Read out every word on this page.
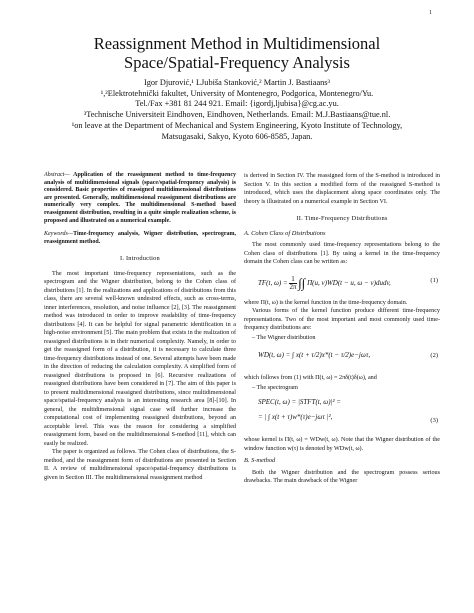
1
Reassignment Method in Multidimensional
Space/Spatial-Frequency Analysis
Igor Djurović,¹ LJubiša Stanković,² Martin J. Bastiaans³
¹,²Elektrotehnički fakultet, University of Montenegro, Podgorica, Montenegro/Yu.
Tel./Fax +381 81 244 921. Email: {igordj,ljubisa}@cg.ac.yu.
³Technische Universiteit Eindhoven, Eindhoven, Netherlands. Email: M.J.Bastiaans@tue.nl.
¹on leave at the Department of Mechanical and System Engineering, Kyoto Institute of Technology,
Matsugasaki, Sakyo, Kyoto 606-8585, Japan.
Abstract— Application of the reassignment method to time-frequency analysis of multidimensional signals (space/spatial-frequency analysis) is considered. Basic properties of reassigned multidimensional distributions are presented. Generally, multidimensional reassignment distributions are numerically very complex. The multidimensional S-method based reassignment distribution, resulting in a quite simple realization scheme, is proposed and illustrated on a numerical example.
Keywords—Time-frequency analysis, Wigner distribution, spectrogram, reassignment method.
I. Introduction

The most important time-frequency representations, such as the spectrogram and the Wigner distribution, belong to the Cohen class of distributions [1]. In the realizations and applications of distributions from this class, there are several well-known undesired effects, such as cross-terms, inner interferences, resolution, and noise influence [2], [3]. The reassignment method was introduced in order to improve readability of time-frequency distributions [4]. It can be helpful for signal parametric identification in a high-noise environment [5]. The main problem that exists in the realization of reassigned distributions is in their numerical complexity. Namely, in order to get the reassigned form of a distribution, it is necessary to calculate three time-frequency distributions instead of one. Several attempts have been made in the direction of reducing the calculation complexity. A simplified form of reassigned distributions is proposed in [6]. Recursive realizations of reassigned distributions have been considered in [7]. The aim of this paper is to present multidimensional reassigned distributions, since multidimensional space/spatial-frequency analysis is an interesting research area [8]-[10]. In general, the multidimensional signal case will further increase the computational cost of implementing reassigned distributions, beyond an acceptable level. This was the reason for considering a simplified reassignment form, based on the multidimensional S-method [11], which can easily be realized.

The paper is organized as follows. The Cohen class of distributions, the S-method, and the reassignment form of distributions are presented in Section II. A review of multidimensional space/spatial-frequency distributions is given in Section III. The multidimensional reassignment method

is derived in Section IV. The reassigned form of the S-method is introduced in Section V. In this section a modified form of the reassigned S-method is introduced, which uses the displacement along space coordinates only. The theory is illustrated on a numerical example in Section VI.

II. Time-Frequency Distributions
A. Cohen Class of Distributions

The most commonly used time-frequency representations belong to the Cohen class of distributions [1]. By using a kernel in the time-frequency domain the Cohen class can be written as:

TF(t, $\omega) = \frac{1}{2\pi}$ ∫∫ Π(u, v)WD(t − u, ω − v)dudv,	(1)

where Π(t, ω) is the kernel function in the time-frequency domain.

Various forms of the kernel function produce different time-frequency representations. Two of the most important and most commonly used time-frequency distributions are:

– The Wigner distribution
WD(t, ω) = ∫ x(t + τ/2)x*(t − τ/2)e−jωτ,	(2)

which follows from (1) with Π(t, ω) = 2πδ(t)δ(ω), and

– The spectrogram
SPEC(t, ω) = |STFT(t, ω)|² =
= | ∫ x(t + τ)w*(τ)e−jωτ |²,	(3)

whose kernel is Π(t, ω) = WDw(t, ω). Note that the Wigner distribution of the window function w(τ) is denoted by WDw(t, ω).

B. S-method

Both the Wigner distribution and the spectrogram possess serious drawbacks. The main drawback of the Wigner
